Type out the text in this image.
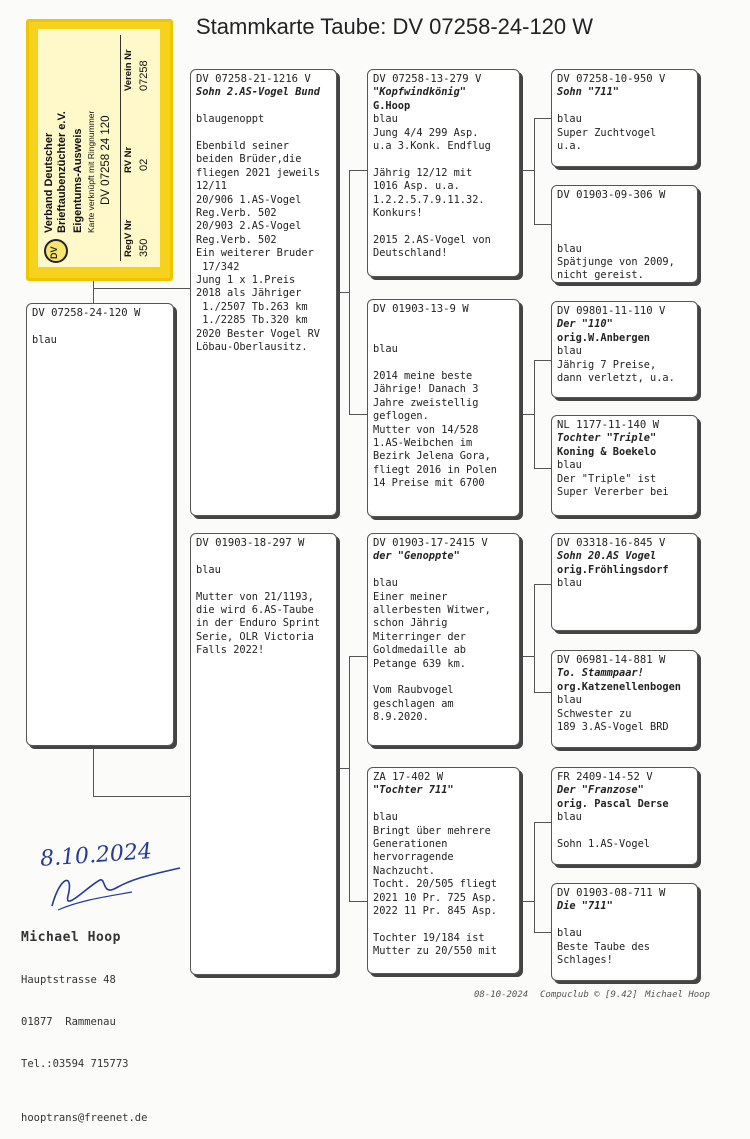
Stammkarte Taube: DV 07258-24-120 W
DV
Verband Deutscher Brieftaubenzüchter e.V. Eigentums-Ausweis Karte verknüpft mit Ringnummer DV 07258 24 120
RegV Nr 350
RV Nr 02
Verein Nr 07258
DV 07258-24-120 W
blau
DV 07258-21-1216 V
Sohn 2.AS-Vogel Bund
blaugenoppt
Ebenbild seiner
beiden Brüder,die
fliegen 2021 jeweils
12/11
20/906 1.AS-Vogel
Reg.Verb. 502
20/903 2.AS-Vogel
Reg.Verb. 502
Ein weiterer Bruder
17/342
Jung 1 x 1.Preis
2018 als Jähriger
1./2507 Tb.263 km
1./2285 Tb.320 km
2020 Bester Vogel RV
Löbau-Oberlausitz.
DV 01903-18-297 W
blau
Mutter von 21/1193,
die wird 6.AS-Taube
in der Enduro Sprint
Serie, OLR Victoria
Falls 2022!
DV 07258-13-279 V
"Kopfwindkönig"
G.Hoop
blau
Jung 4/4 299 Asp.
u.a 3.Konk. Endflug
Jährig 12/12 mit
1016 Asp. u.a.
1.2.2.5.7.9.11.32.
Konkurs!
2015 2.AS-Vogel von
Deutschland!
DV 01903-13-9 W
blau
2014 meine beste
Jährige! Danach 3
Jahre zweistellig
geflogen.
Mutter von 14/528
1.AS-Weibchen im
Bezirk Jelena Gora,
fliegt 2016 in Polen
14 Preise mit 6700
DV 01903-17-2415 V
der "Genoppte"
blau
Einer meiner
allerbesten Witwer,
schon Jährig
Miterringer der
Goldmedaille ab
Petange 639 km.
Vom Raubvogel
geschlagen am
8.9.2020.
ZA 17-402 W
"Tochter 711"
blau
Bringt über mehrere
Generationen
hervorragende
Nachzucht.
Tocht. 20/505 fliegt
2021 10 Pr. 725 Asp.
2022 11 Pr. 845 Asp.
Tochter 19/184 ist
Mutter zu 20/550 mit
DV 07258-10-950 V
Sohn "711"
blau
Super Zuchtvogel
u.a.
DV 01903-09-306 W
blau
Spätjunge von 2009,
nicht gereist.
DV 09801-11-110 V
Der "110"
orig.W.Anbergen
blau
Jährig 7 Preise,
dann verletzt, u.a.
NL 1177-11-140 W
Tochter "Triple"
Koning & Boekelo
blau
Der "Triple" ist
Super Vererber bei
DV 03318-16-845 V
Sohn 20.AS Vogel
orig.Fröhlingsdorf
blau
DV 06981-14-881 W
To. Stammpaar!
org.Katzenellenbogen
blau
Schwester zu
189 3.AS-Vogel BRD
FR 2409-14-52 V
Der "Franzose"
orig. Pascal Derse
blau
Sohn 1.AS-Vogel
DV 01903-08-711 W
Die "711"
blau
Beste Taube des
Schlages!
8.10.2024

Michael Hoop

Hauptstrasse 48

01877  Rammenau

Tel.:03594 715773

hooptrans@freenet.de

08-10-2024 Compuclub © [9.42] Michael Hoop
